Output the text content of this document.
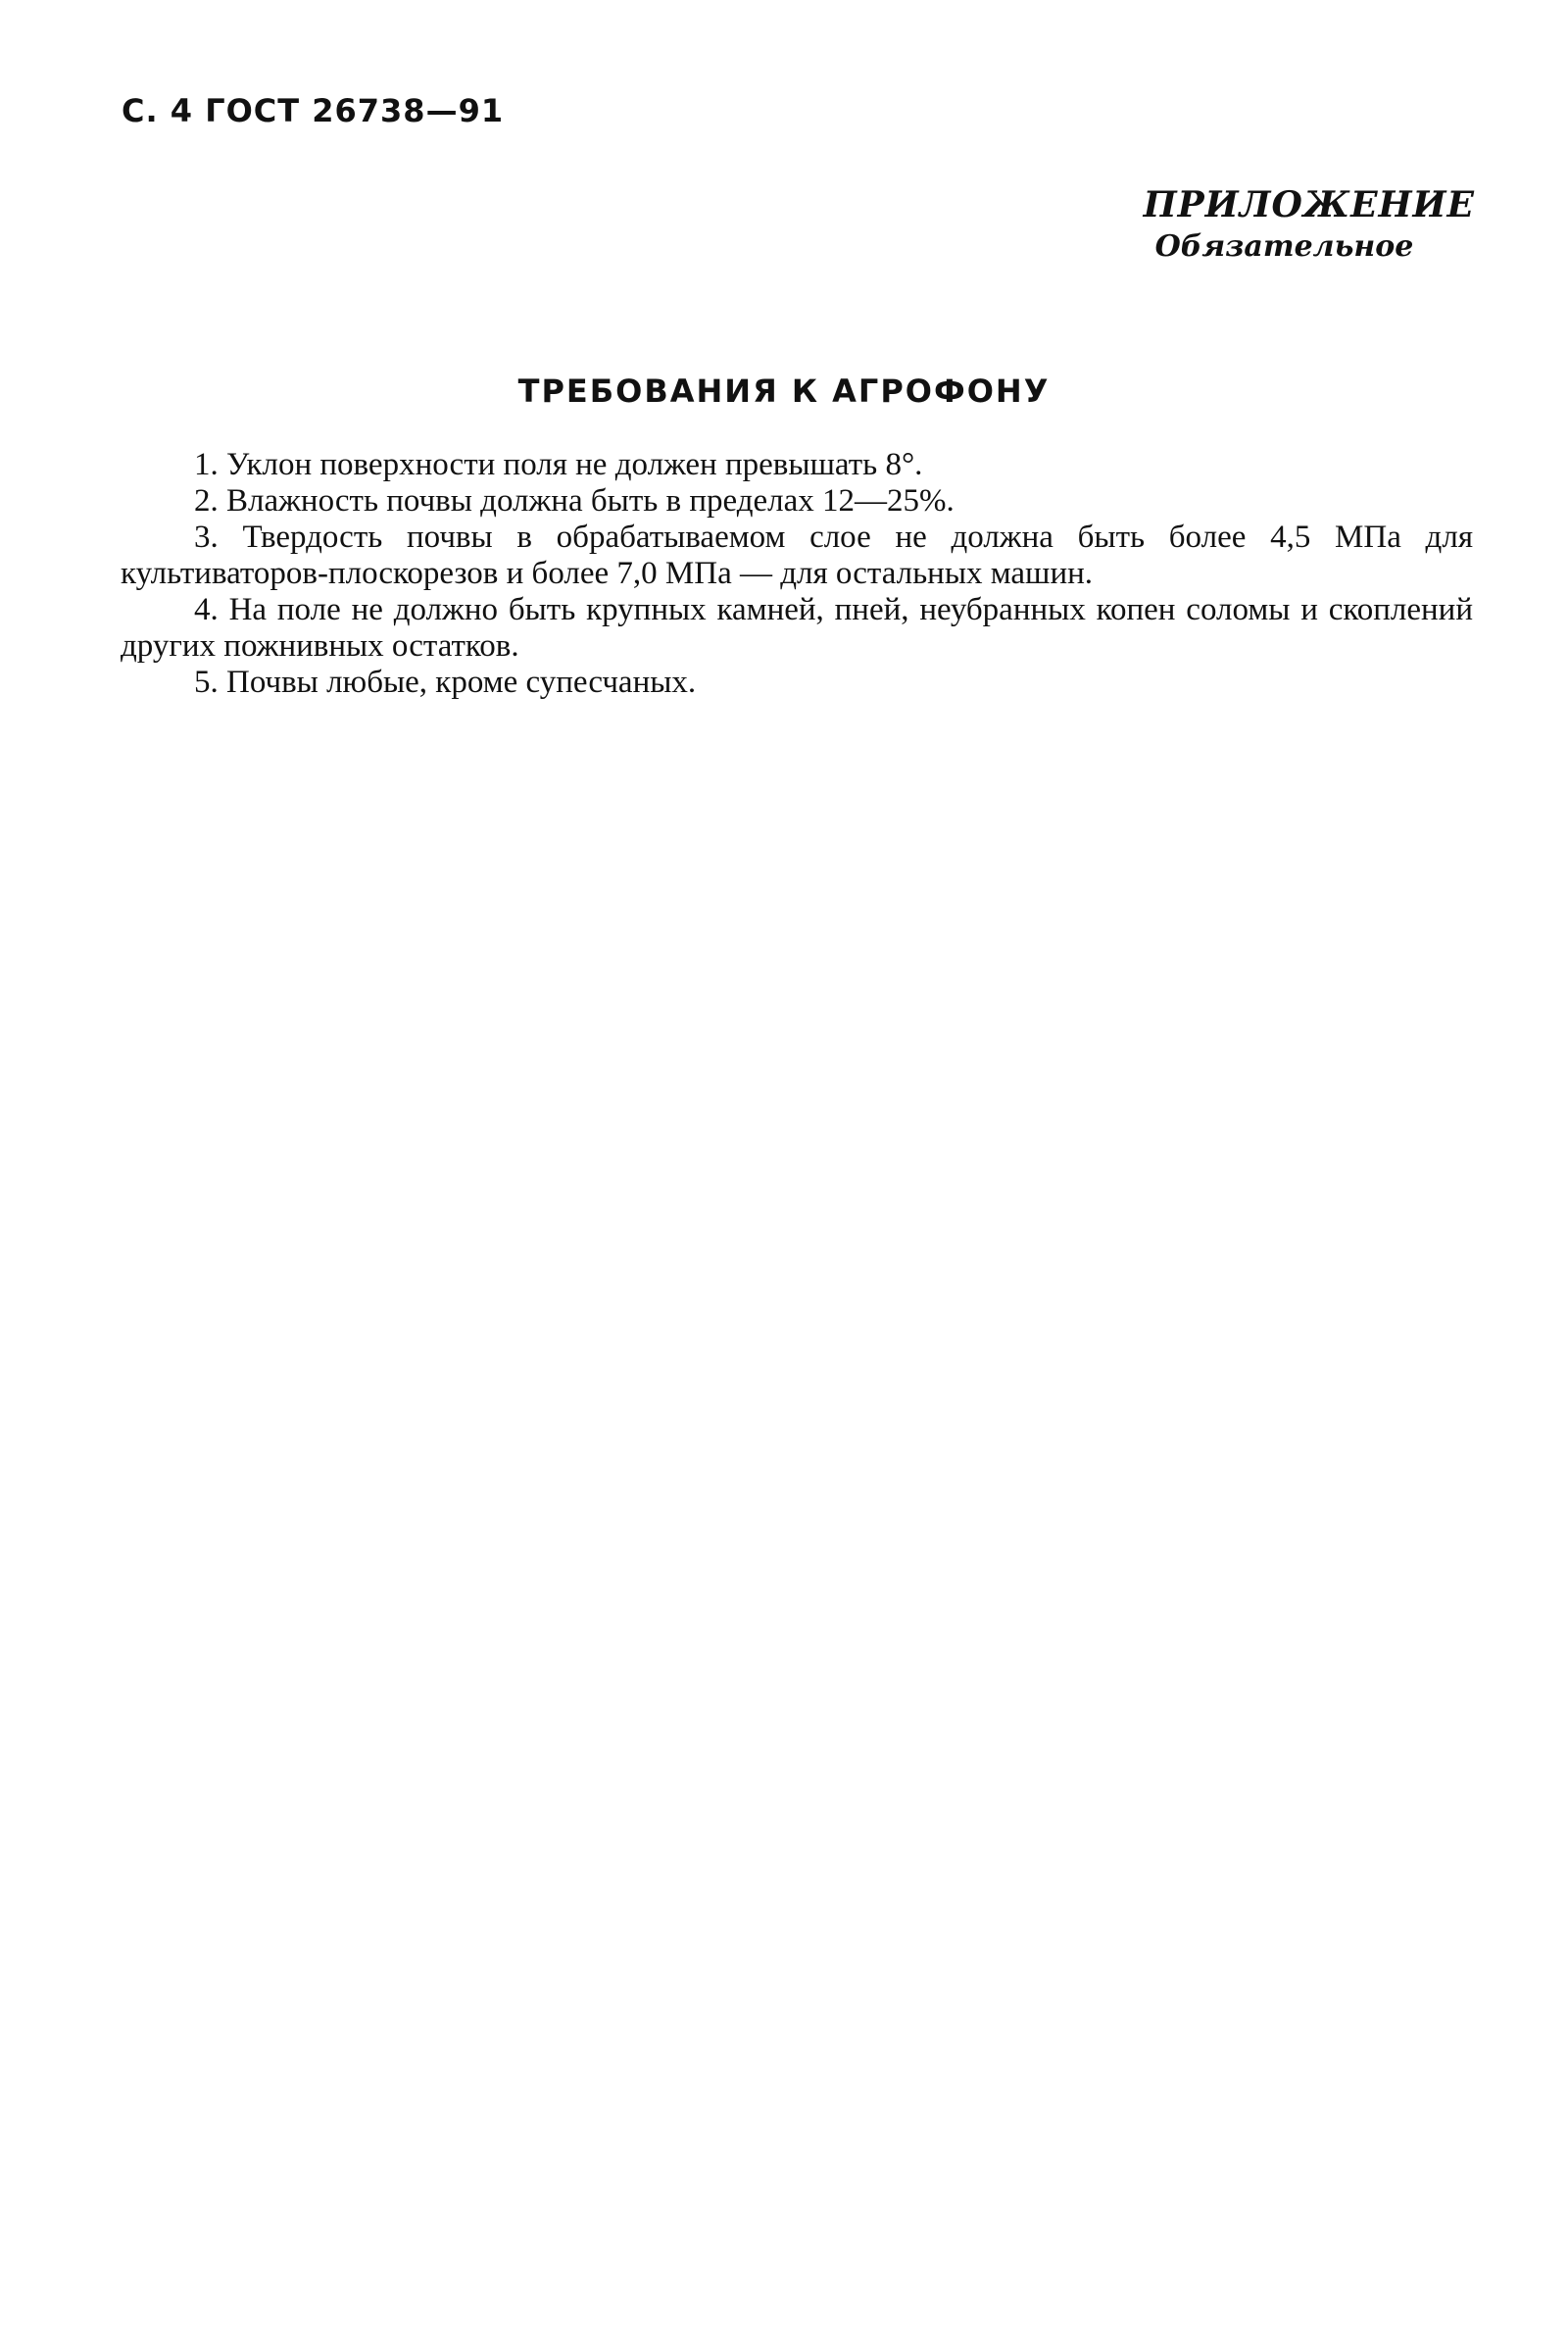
С. 4 ГОСТ 26738—91
ПРИЛОЖЕНИЕ
Обязательное
ТРЕБОВАНИЯ К АГРОФОНУ

1. Уклон поверхности поля не должен превышать 8°.

2. Влажность почвы должна быть в пределах 12—25%.

3. Твердость почвы в обрабатываемом слое не должна быть более 4,5 МПа для культиваторов-плоскорезов и более 7,0 МПа — для остальных машин.

4. На поле не должно быть крупных камней, пней, неубранных копен соломы и скоплений других пожнивных остатков.

5. Почвы любые, кроме супесчаных.
